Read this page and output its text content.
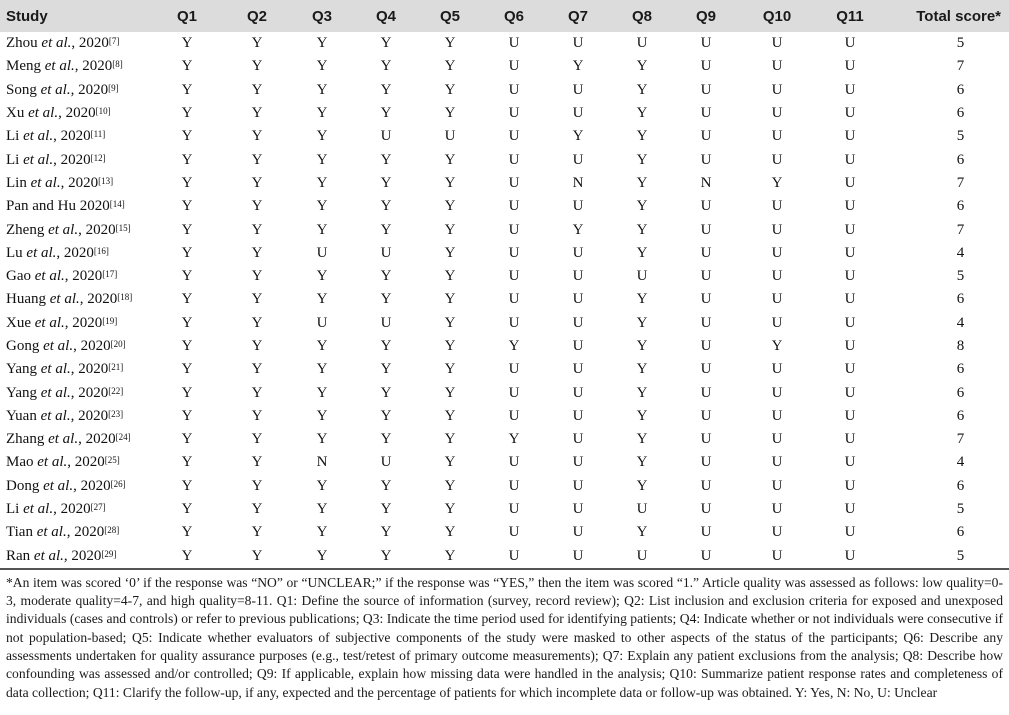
Study	Q1	Q2	Q3	Q4	Q5	Q6	Q7	Q8	Q9	Q10	Q11	Total score*
Zhou et al., 2020[7]	Y	Y	Y	Y	Y	U	U	U	U	U	U	5
Meng et al., 2020[8]	Y	Y	Y	Y	Y	U	Y	Y	U	U	U	7
Song et al., 2020[9]	Y	Y	Y	Y	Y	U	U	Y	U	U	U	6
Xu et al., 2020[10]	Y	Y	Y	Y	Y	U	U	Y	U	U	U	6
Li et al., 2020[11]	Y	Y	Y	U	U	U	Y	Y	U	U	U	5
Li et al., 2020[12]	Y	Y	Y	Y	Y	U	U	Y	U	U	U	6
Lin et al., 2020[13]	Y	Y	Y	Y	Y	U	N	Y	N	Y	U	7
Pan and Hu 2020[14]	Y	Y	Y	Y	Y	U	U	Y	U	U	U	6
Zheng et al., 2020[15]	Y	Y	Y	Y	Y	U	Y	Y	U	U	U	7
Lu et al., 2020[16]	Y	Y	U	U	Y	U	U	Y	U	U	U	4
Gao et al., 2020[17]	Y	Y	Y	Y	Y	U	U	U	U	U	U	5
Huang et al., 2020[18]	Y	Y	Y	Y	Y	U	U	Y	U	U	U	6
Xue et al., 2020[19]	Y	Y	U	U	Y	U	U	Y	U	U	U	4
Gong et al., 2020[20]	Y	Y	Y	Y	Y	Y	U	Y	U	Y	U	8
Yang et al., 2020[21]	Y	Y	Y	Y	Y	U	U	Y	U	U	U	6
Yang et al., 2020[22]	Y	Y	Y	Y	Y	U	U	Y	U	U	U	6
Yuan et al., 2020[23]	Y	Y	Y	Y	Y	U	U	Y	U	U	U	6
Zhang et al., 2020[24]	Y	Y	Y	Y	Y	Y	U	Y	U	U	U	7
Mao et al., 2020[25]	Y	Y	N	U	Y	U	U	Y	U	U	U	4
Dong et al., 2020[26]	Y	Y	Y	Y	Y	U	U	Y	U	U	U	6
Li et al., 2020[27]	Y	Y	Y	Y	Y	U	U	U	U	U	U	5
Tian et al., 2020[28]	Y	Y	Y	Y	Y	U	U	Y	U	U	U	6
Ran et al., 2020[29]	Y	Y	Y	Y	Y	U	U	U	U	U	U	5

*An item was scored ‘0’ if the response was “NO” or “UNCLEAR;” if the response was “YES,” then the item was scored “1.” Article quality was assessed as follows: low quality=0-3, moderate quality=4-7, and high quality=8-11. Q1: Define the source of information (survey, record review); Q2: List inclusion and exclusion criteria for exposed and unexposed individuals (cases and controls) or refer to previous publications; Q3: Indicate the time period used for identifying patients; Q4: Indicate whether or not individuals were consecutive if not population-based; Q5: Indicate whether evaluators of subjective components of the study were masked to other aspects of the status of the participants; Q6: Describe any assessments undertaken for quality assurance purposes (e.g., test/retest of primary outcome measurements); Q7: Explain any patient exclusions from the analysis; Q8: Describe how confounding was assessed and/or controlled; Q9: If applicable, explain how missing data were handled in the analysis; Q10: Summarize patient response rates and completeness of data collection; Q11: Clarify the follow-up, if any, expected and the percentage of patients for which incomplete data or follow-up was obtained. Y: Yes, N: No, U: Unclear
